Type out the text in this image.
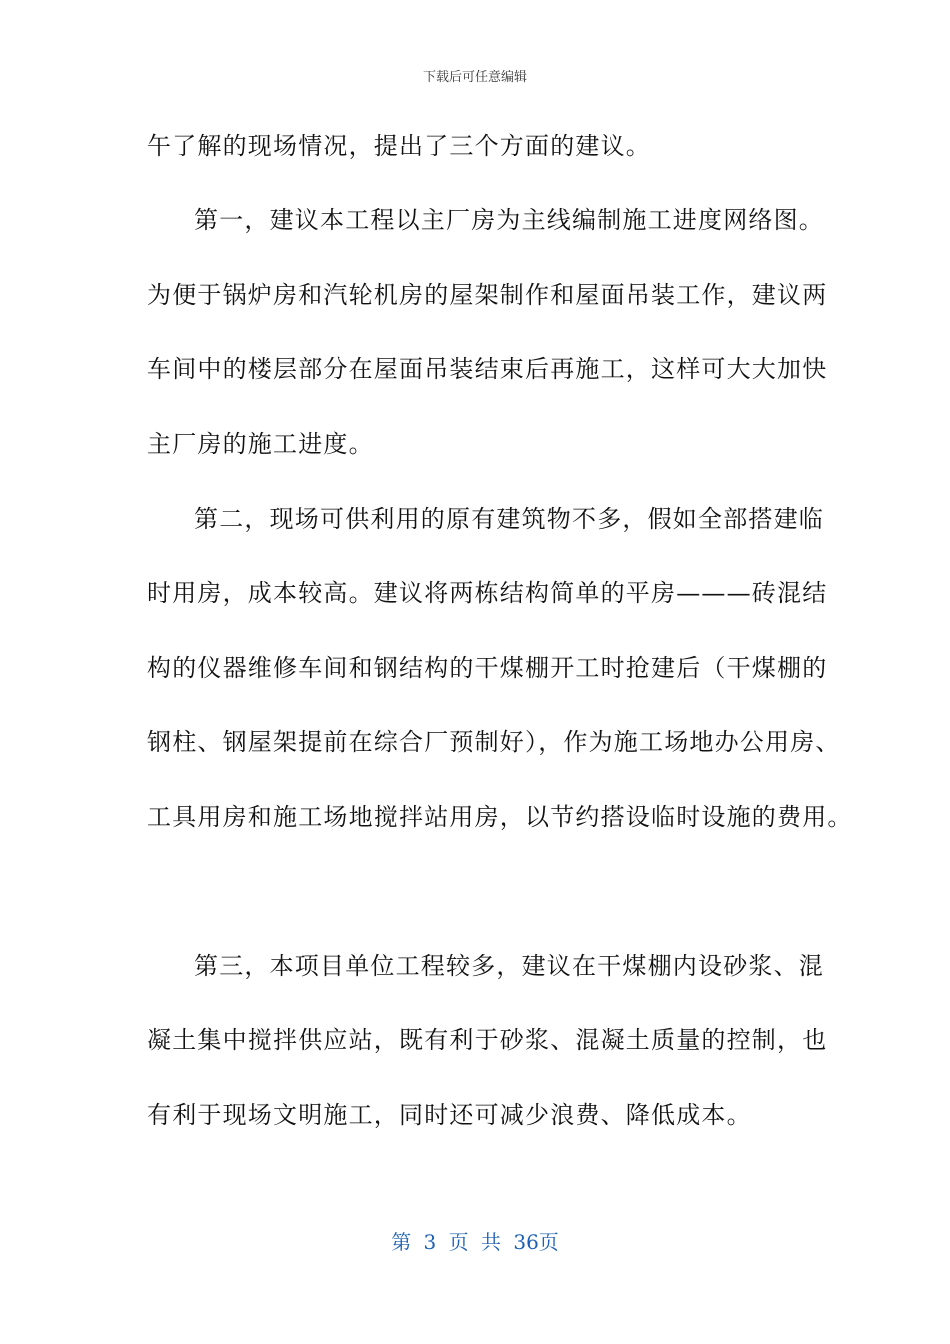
下载后可任意编辑
午了解的现场情况，提出了三个方面的建议。
第一，建议本工程以主厂房为主线编制施工进度网络图。
为便于锅炉房和汽轮机房的屋架制作和屋面吊装工作，建议两
车间中的楼层部分在屋面吊装结束后再施工，这样可大大加快
主厂房的施工进度。
第二，现场可供利用的原有建筑物不多，假如全部搭建临
时用房，成本较高。建议将两栋结构简单的平房———砖混结
构的仪器维修车间和钢结构的干煤棚开工时抢建后（干煤棚的
钢柱、钢屋架提前在综合厂预制好），作为施工场地办公用房、
工具用房和施工场地搅拌站用房，以节约搭设临时设施的费用。
第三，本项目单位工程较多，建议在干煤棚内设砂浆、混
凝土集中搅拌供应站，既有利于砂浆、混凝土质量的控制，也
有利于现场文明施工，同时还可减少浪费、降低成本。
第 3 页 共 36页
